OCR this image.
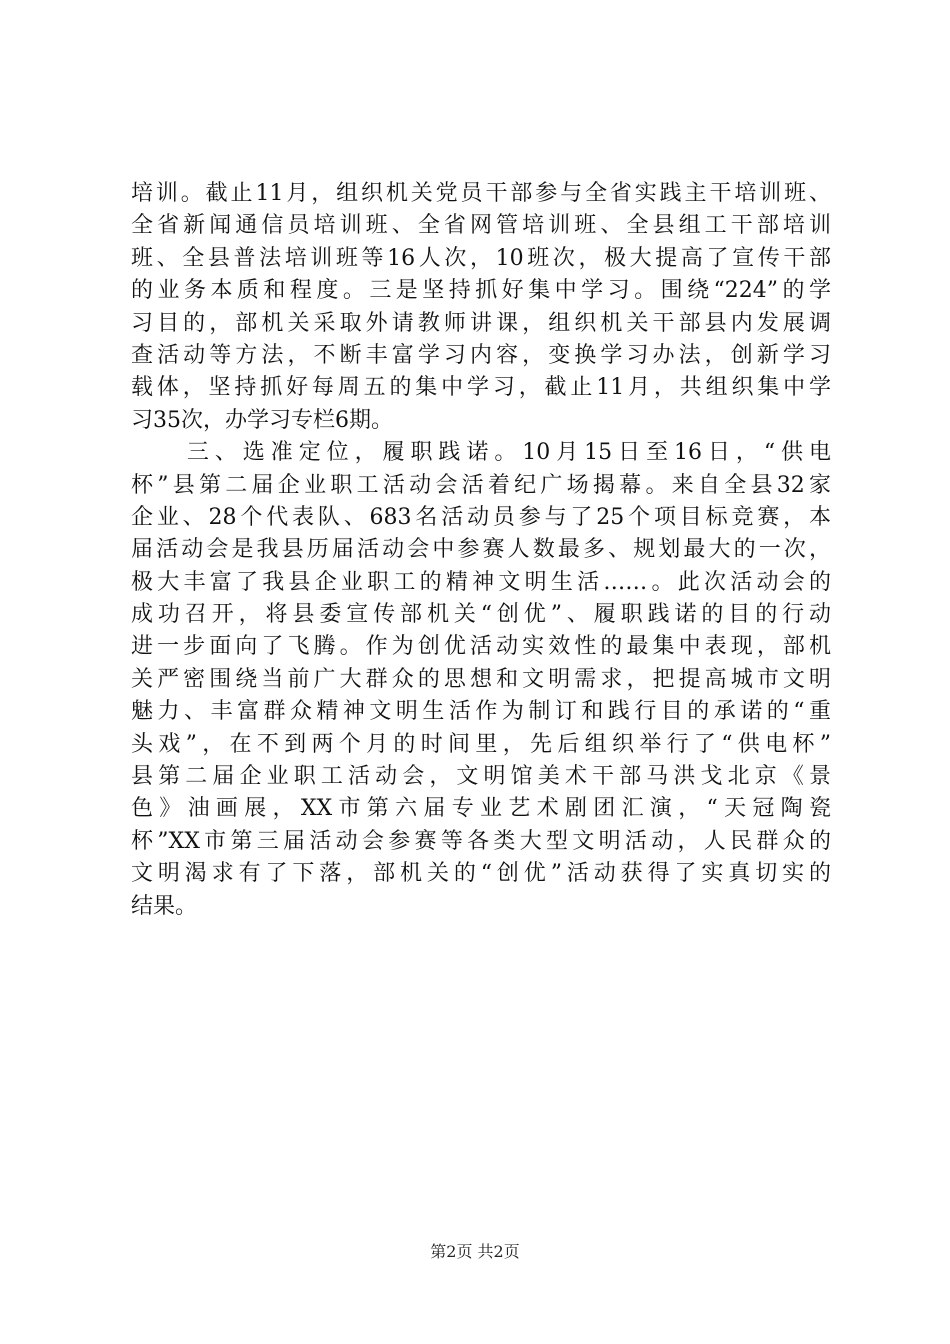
培训。截止11月，组织机关党员干部参与全省实践主干培训班、
全省新闻通信员培训班、全省网管培训班、全县组工干部培训
班、全县普法培训班等16人次，10班次，极大提高了宣传干部
的业务本质和程度。三是坚持抓好集中学习。围绕“224”的学
习目的，部机关采取外请教师讲课，组织机关干部县内发展调
查活动等方法，不断丰富学习内容，变换学习办法，创新学习
载体，坚持抓好每周五的集中学习，截止11月，共组织集中学
习35次，办学习专栏6期。
　　三、选准定位，履职践诺。10月15日至16日，“供电
杯”县第二届企业职工活动会活着纪广场揭幕。来自全县32家
企业、28个代表队、683名活动员参与了25个项目标竞赛，本
届活动会是我县历届活动会中参赛人数最多、规划最大的一次，
极大丰富了我县企业职工的精神文明生活……。此次活动会的
成功召开，将县委宣传部机关“创优”、履职践诺的目的行动
进一步面向了飞腾。作为创优活动实效性的最集中表现，部机
关严密围绕当前广大群众的思想和文明需求，把提高城市文明
魅力、丰富群众精神文明生活作为制订和践行目的承诺的“重
头戏”，在不到两个月的时间里，先后组织举行了“供电杯”
县第二届企业职工活动会，文明馆美术干部马洪戈北京《景
色》油画展，XX市第六届专业艺术剧团汇演，“天冠陶瓷
杯”XX市第三届活动会参赛等各类大型文明活动，人民群众的
文明渴求有了下落，部机关的“创优”活动获得了实真切实的
结果。
第2页 共2页
